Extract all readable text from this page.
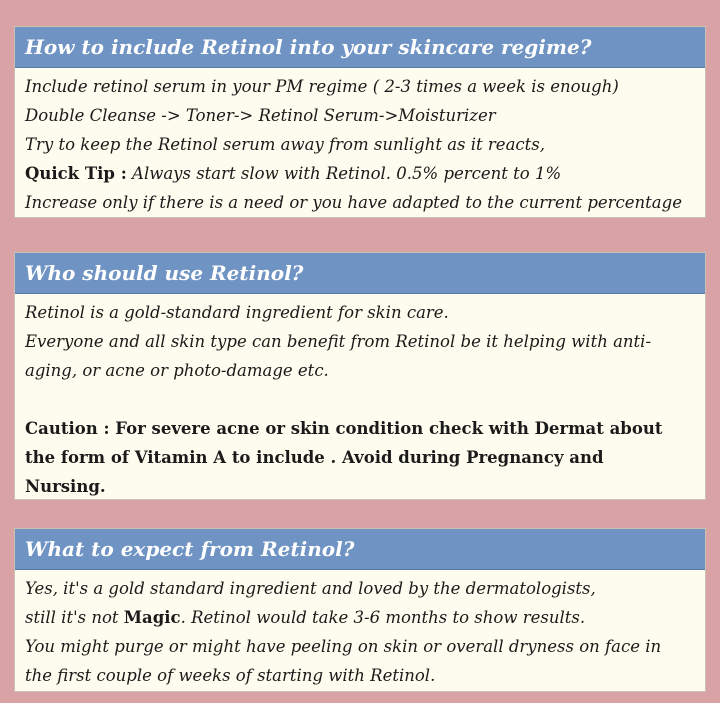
How to include Retinol into your skincare regime?
Include retinol serum in your PM regime ( 2-3 times a week is enough)
Double Cleanse -> Toner-> Retinol Serum->Moisturizer
Try to keep the Retinol serum away from sunlight as it reacts,
Quick Tip : Always start slow with Retinol. 0.5% percent to 1%
Increase only if there is a need or you have adapted to the current percentage
Who should use Retinol?
Retinol is a gold-standard ingredient for skin care.
Everyone and all skin type can benefit from Retinol be it helping with anti-
aging, or acne or photo-damage etc.
Caution : For severe acne or skin condition check with Dermat about
the form of Vitamin A to include . Avoid during Pregnancy and
Nursing.
What to expect from Retinol?
Yes, it's a gold standard ingredient and loved by the dermatologists,
still it's not Magic. Retinol would take 3-6 months to show results.
You might purge or might have peeling on skin or overall dryness on face in
the first couple of weeks of starting with Retinol.
